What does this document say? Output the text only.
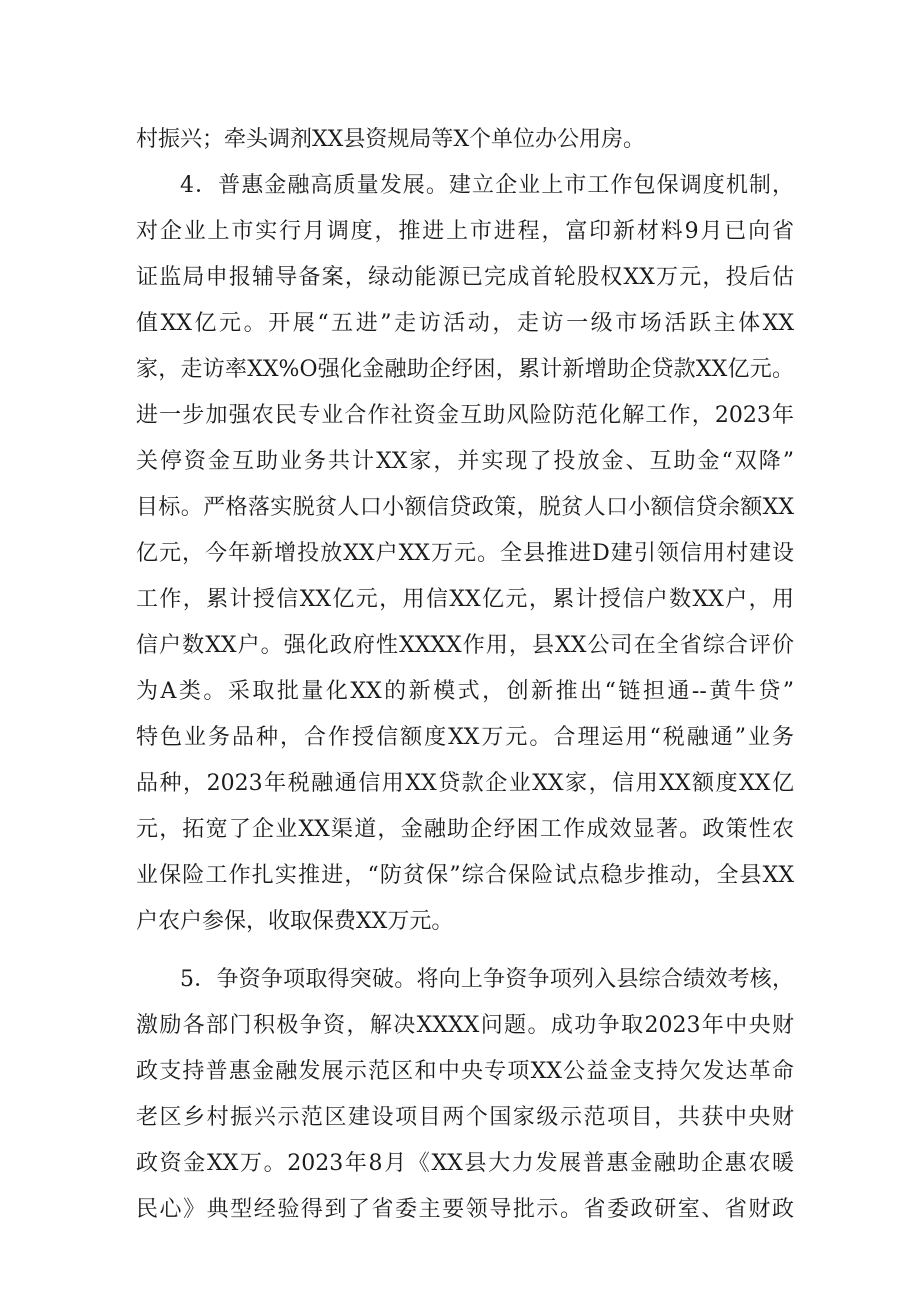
村振兴；牵头调剂XX县资规局等X个单位办公用房。
4．普惠金融高质量发展。建立企业上市工作包保调度机制，
对企业上市实行月调度，推进上市进程，富印新材料9月已向省
证监局申报辅导备案，绿动能源已完成首轮股权XX万元，投后估
值XX亿元。开展“五进”走访活动，走访一级市场活跃主体XX
家，走访率XX%O强化金融助企纾困，累计新增助企贷款XX亿元。
进一步加强农民专业合作社资金互助风险防范化解工作，2023年
关停资金互助业务共计XX家，并实现了投放金、互助金“双降”
目标。严格落实脱贫人口小额信贷政策，脱贫人口小额信贷余额XX
亿元，今年新增投放XX户XX万元。全县推进D建引领信用村建设
工作，累计授信XX亿元，用信XX亿元，累计授信户数XX户，用
信户数XX户。强化政府性XXXX作用，县XX公司在全省综合评价
为A类。采取批量化XX的新模式，创新推出“链担通--黄牛贷”
特色业务品种，合作授信额度XX万元。合理运用“税融通”业务
品种，2023年税融通信用XX贷款企业XX家，信用XX额度XX亿
元，拓宽了企业XX渠道，金融助企纾困工作成效显著。政策性农
业保险工作扎实推进，“防贫保”综合保险试点稳步推动，全县XX
户农户参保，收取保费XX万元。
5．争资争项取得突破。将向上争资争项列入县综合绩效考核，
激励各部门积极争资，解决XXXX问题。成功争取2023年中央财
政支持普惠金融发展示范区和中央专项XX公益金支持欠发达革命
老区乡村振兴示范区建设项目两个国家级示范项目，共获中央财
政资金XX万。2023年8月《XX县大力发展普惠金融助企惠农暖
民心》典型经验得到了省委主要领导批示。省委政研室、省财政
